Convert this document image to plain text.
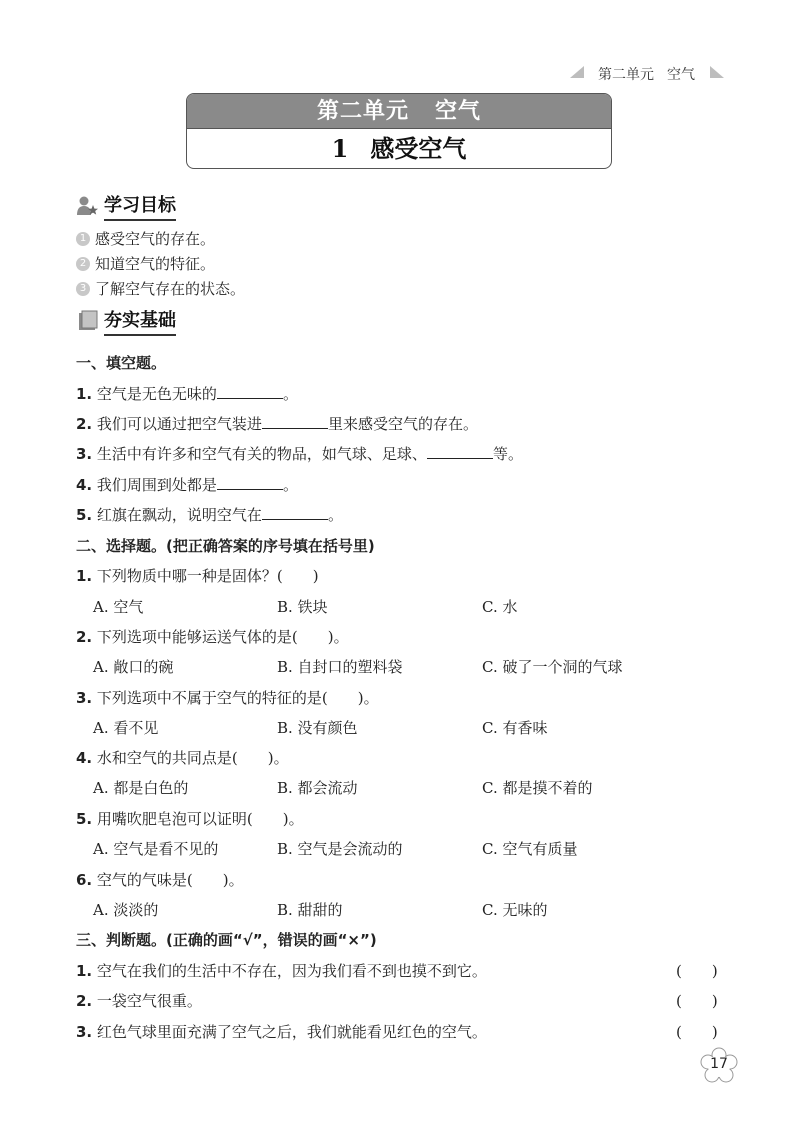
第二单元 空气
第二单元 空气
1 感受空气
学习目标
1 感受空气的存在。
2 知道空气的特征。
3 了解空气存在的状态。
夯实基础
一、填空题。
1. 空气是无色无味的	。
2. 我们可以通过把空气装进	里来感受空气的存在。
3. 生活中有许多和空气有关的物品，如气球、足球、	等。
4. 我们周围到处都是	。
5. 红旗在飘动，说明空气在	。
二、选择题。(把正确答案的序号填在括号里)
1. 下列物质中哪一种是固体？(　　)
A. 空气	B. 铁块	C. 水
2. 下列选项中能够运送气体的是(　　)。
A. 敞口的碗	B. 自封口的塑料袋	C. 破了一个洞的气球
3. 下列选项中不属于空气的特征的是(　　)。
A. 看不见	B. 没有颜色	C. 有香味
4. 水和空气的共同点是(　　)。
A. 都是白色的	B. 都会流动	C. 都是摸不着的
5. 用嘴吹肥皂泡可以证明(　　)。
A. 空气是看不见的	B. 空气是会流动的	C. 空气有质量
6. 空气的气味是(　　)。
A. 淡淡的	B. 甜甜的	C. 无味的
三、判断题。(正确的画“√”，错误的画“×”)
1. 空气在我们的生活中不存在，因为我们看不到也摸不到它。	(　　)
2. 一袋空气很重。	(　　)
3. 红色气球里面充满了空气之后，我们就能看见红色的空气。	(　　)
17
